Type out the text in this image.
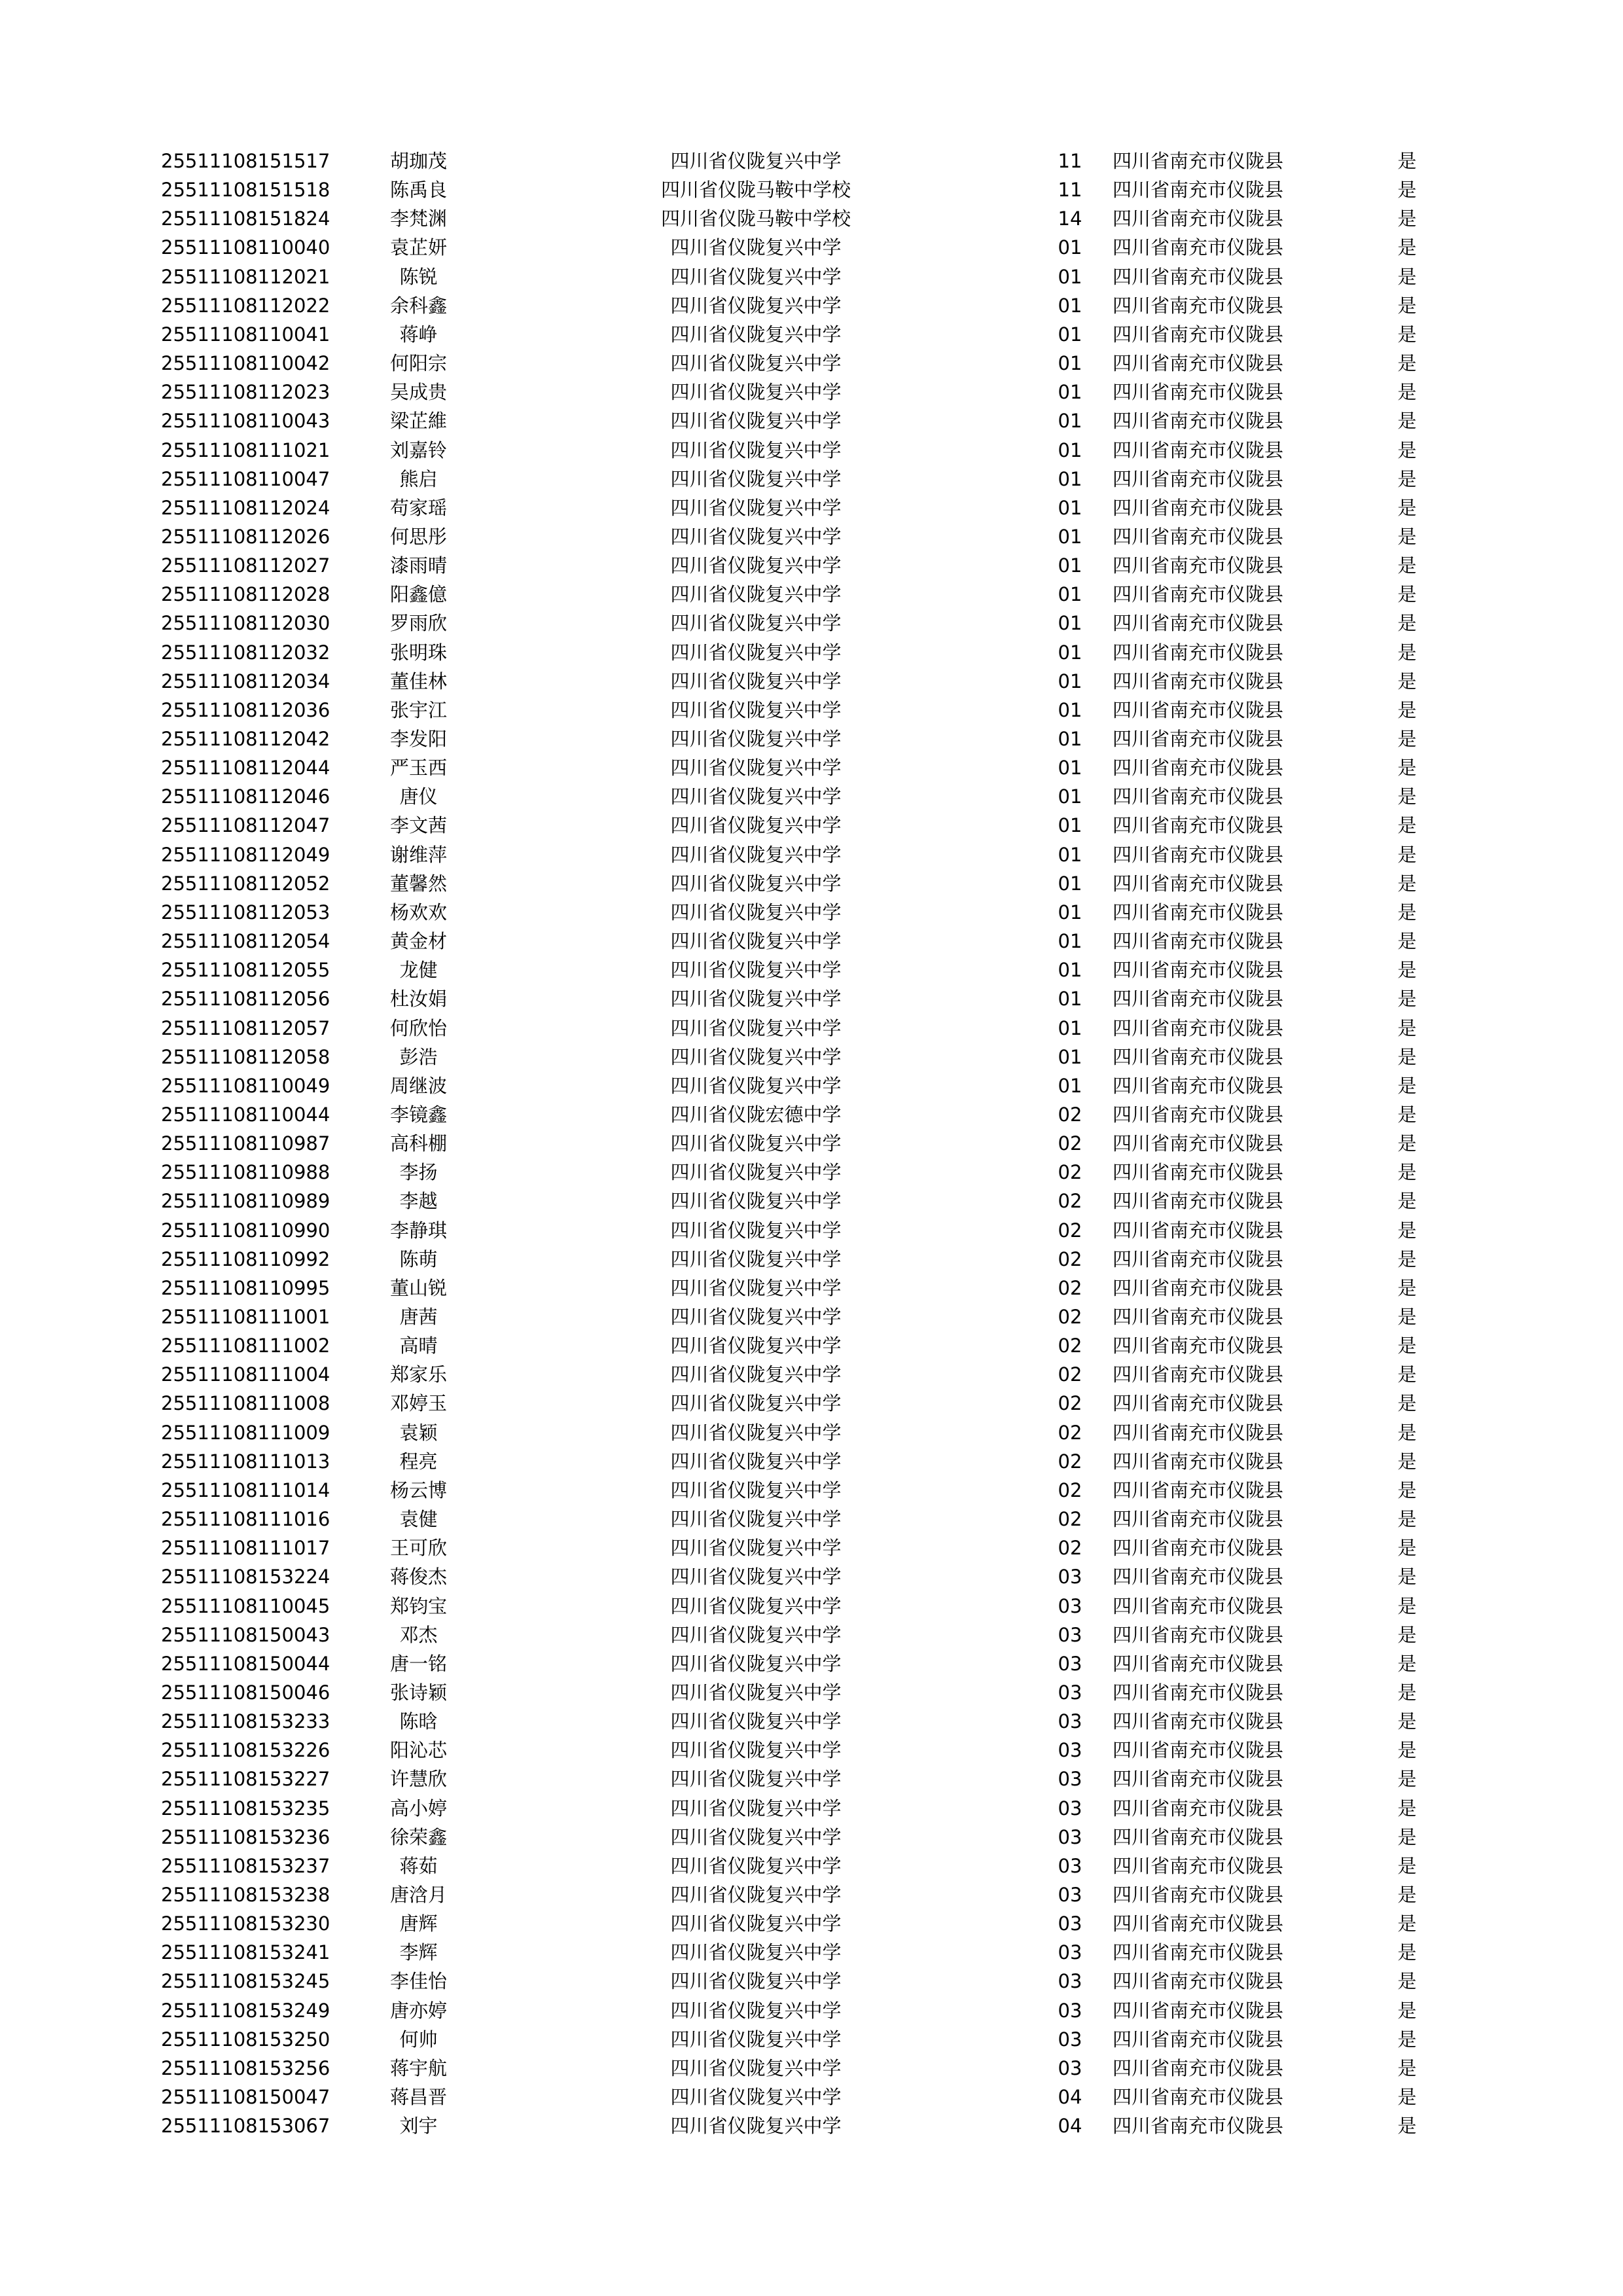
25511108151517	胡珈茂	四川省仪陇复兴中学	11	四川省南充市仪陇县	是
25511108151518	陈禹良	四川省仪陇马鞍中学校	11	四川省南充市仪陇县	是
25511108151824	李梵渊	四川省仪陇马鞍中学校	14	四川省南充市仪陇县	是
25511108110040	袁芷妍	四川省仪陇复兴中学	01	四川省南充市仪陇县	是
25511108112021	陈锐	四川省仪陇复兴中学	01	四川省南充市仪陇县	是
25511108112022	余科鑫	四川省仪陇复兴中学	01	四川省南充市仪陇县	是
25511108110041	蒋峥	四川省仪陇复兴中学	01	四川省南充市仪陇县	是
25511108110042	何阳宗	四川省仪陇复兴中学	01	四川省南充市仪陇县	是
25511108112023	吴成贵	四川省仪陇复兴中学	01	四川省南充市仪陇县	是
25511108110043	梁芷維	四川省仪陇复兴中学	01	四川省南充市仪陇县	是
25511108111021	刘嘉铃	四川省仪陇复兴中学	01	四川省南充市仪陇县	是
25511108110047	熊启	四川省仪陇复兴中学	01	四川省南充市仪陇县	是
25511108112024	苟家瑶	四川省仪陇复兴中学	01	四川省南充市仪陇县	是
25511108112026	何思彤	四川省仪陇复兴中学	01	四川省南充市仪陇县	是
25511108112027	漆雨晴	四川省仪陇复兴中学	01	四川省南充市仪陇县	是
25511108112028	阳鑫億	四川省仪陇复兴中学	01	四川省南充市仪陇县	是
25511108112030	罗雨欣	四川省仪陇复兴中学	01	四川省南充市仪陇县	是
25511108112032	张明珠	四川省仪陇复兴中学	01	四川省南充市仪陇县	是
25511108112034	董佳林	四川省仪陇复兴中学	01	四川省南充市仪陇县	是
25511108112036	张宇江	四川省仪陇复兴中学	01	四川省南充市仪陇县	是
25511108112042	李发阳	四川省仪陇复兴中学	01	四川省南充市仪陇县	是
25511108112044	严玉西	四川省仪陇复兴中学	01	四川省南充市仪陇县	是
25511108112046	唐仪	四川省仪陇复兴中学	01	四川省南充市仪陇县	是
25511108112047	李文茜	四川省仪陇复兴中学	01	四川省南充市仪陇县	是
25511108112049	谢维萍	四川省仪陇复兴中学	01	四川省南充市仪陇县	是
25511108112052	董馨然	四川省仪陇复兴中学	01	四川省南充市仪陇县	是
25511108112053	杨欢欢	四川省仪陇复兴中学	01	四川省南充市仪陇县	是
25511108112054	黄金材	四川省仪陇复兴中学	01	四川省南充市仪陇县	是
25511108112055	龙健	四川省仪陇复兴中学	01	四川省南充市仪陇县	是
25511108112056	杜汝娟	四川省仪陇复兴中学	01	四川省南充市仪陇县	是
25511108112057	何欣怡	四川省仪陇复兴中学	01	四川省南充市仪陇县	是
25511108112058	彭浩	四川省仪陇复兴中学	01	四川省南充市仪陇县	是
25511108110049	周继波	四川省仪陇复兴中学	01	四川省南充市仪陇县	是
25511108110044	李镜鑫	四川省仪陇宏德中学	02	四川省南充市仪陇县	是
25511108110987	高科棚	四川省仪陇复兴中学	02	四川省南充市仪陇县	是
25511108110988	李扬	四川省仪陇复兴中学	02	四川省南充市仪陇县	是
25511108110989	李越	四川省仪陇复兴中学	02	四川省南充市仪陇县	是
25511108110990	李静琪	四川省仪陇复兴中学	02	四川省南充市仪陇县	是
25511108110992	陈萌	四川省仪陇复兴中学	02	四川省南充市仪陇县	是
25511108110995	董山锐	四川省仪陇复兴中学	02	四川省南充市仪陇县	是
25511108111001	唐茜	四川省仪陇复兴中学	02	四川省南充市仪陇县	是
25511108111002	高晴	四川省仪陇复兴中学	02	四川省南充市仪陇县	是
25511108111004	郑家乐	四川省仪陇复兴中学	02	四川省南充市仪陇县	是
25511108111008	邓婷玉	四川省仪陇复兴中学	02	四川省南充市仪陇县	是
25511108111009	袁颖	四川省仪陇复兴中学	02	四川省南充市仪陇县	是
25511108111013	程亮	四川省仪陇复兴中学	02	四川省南充市仪陇县	是
25511108111014	杨云博	四川省仪陇复兴中学	02	四川省南充市仪陇县	是
25511108111016	袁健	四川省仪陇复兴中学	02	四川省南充市仪陇县	是
25511108111017	王可欣	四川省仪陇复兴中学	02	四川省南充市仪陇县	是
25511108153224	蒋俊杰	四川省仪陇复兴中学	03	四川省南充市仪陇县	是
25511108110045	郑钧宝	四川省仪陇复兴中学	03	四川省南充市仪陇县	是
25511108150043	邓杰	四川省仪陇复兴中学	03	四川省南充市仪陇县	是
25511108150044	唐一铭	四川省仪陇复兴中学	03	四川省南充市仪陇县	是
25511108150046	张诗颖	四川省仪陇复兴中学	03	四川省南充市仪陇县	是
25511108153233	陈晗	四川省仪陇复兴中学	03	四川省南充市仪陇县	是
25511108153226	阳沁芯	四川省仪陇复兴中学	03	四川省南充市仪陇县	是
25511108153227	许慧欣	四川省仪陇复兴中学	03	四川省南充市仪陇县	是
25511108153235	高小婷	四川省仪陇复兴中学	03	四川省南充市仪陇县	是
25511108153236	徐荣鑫	四川省仪陇复兴中学	03	四川省南充市仪陇县	是
25511108153237	蒋茹	四川省仪陇复兴中学	03	四川省南充市仪陇县	是
25511108153238	唐浛月	四川省仪陇复兴中学	03	四川省南充市仪陇县	是
25511108153230	唐辉	四川省仪陇复兴中学	03	四川省南充市仪陇县	是
25511108153241	李辉	四川省仪陇复兴中学	03	四川省南充市仪陇县	是
25511108153245	李佳怡	四川省仪陇复兴中学	03	四川省南充市仪陇县	是
25511108153249	唐亦婷	四川省仪陇复兴中学	03	四川省南充市仪陇县	是
25511108153250	何帅	四川省仪陇复兴中学	03	四川省南充市仪陇县	是
25511108153256	蒋宇航	四川省仪陇复兴中学	03	四川省南充市仪陇县	是
25511108150047	蒋昌晋	四川省仪陇复兴中学	04	四川省南充市仪陇县	是
25511108153067	刘宇	四川省仪陇复兴中学	04	四川省南充市仪陇县	是
